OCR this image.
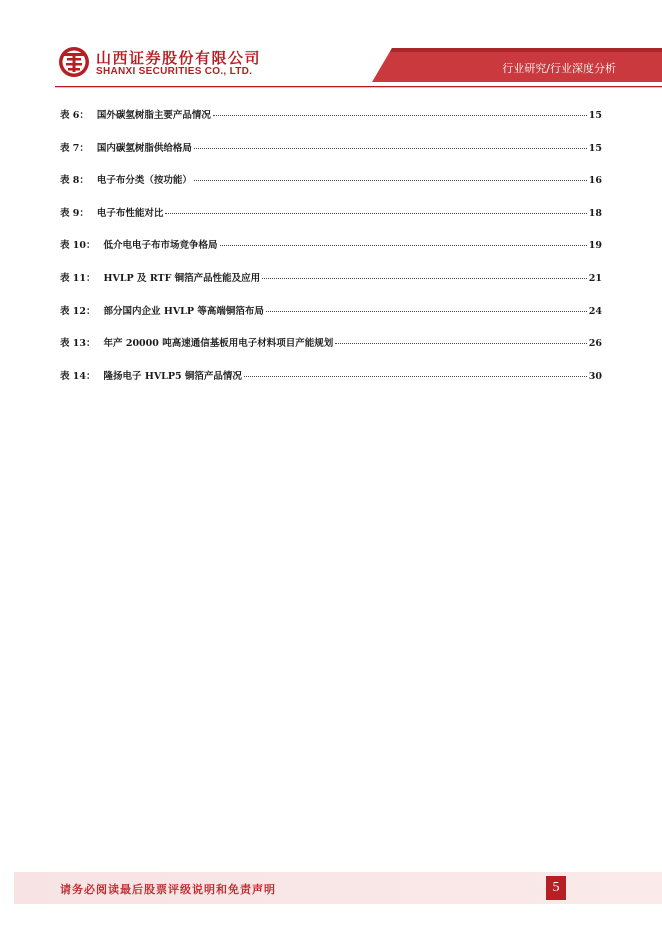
山西证券股份有限公司
SHANXI SECURITIES CO., LTD.	行业研究/行业深度分析
表 6： 国外碳氢树脂主要产品情况	15
表 7： 国内碳氢树脂供给格局	15
表 8： 电子布分类（按功能）	16
表 9： 电子布性能对比	18
表 10： 低介电电子布市场竞争格局	19
表 11： HVLP 及 RTF 铜箔产品性能及应用	21
表 12： 部分国内企业 HVLP 等高端铜箔布局	24
表 13： 年产 20000 吨高速通信基板用电子材料项目产能规划	26
表 14： 隆扬电子 HVLP5 铜箔产品情况	30
请务必阅读最后股票评级说明和免责声明	5
